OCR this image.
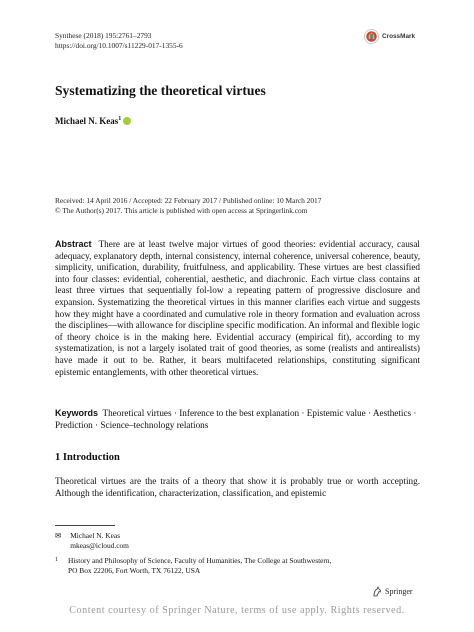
Synthese (2018) 195:2761–2793
https://doi.org/10.1007/s11229-017-1355-6
CrossMark
Systematizing the theoretical virtues
Michael N. Keas$^1$
Received: 14 April 2016 / Accepted: 22 February 2017 / Published online: 10 March 2017
© The Author(s) 2017. This article is published with open access at Springerlink.com
Abstract There are at least twelve major virtues of good theories: evidential accuracy, causal adequacy, explanatory depth, internal consistency, internal coherence, universal coherence, beauty, simplicity, unification, durability, fruitfulness, and applicability. These virtues are best classified into four classes: evidential, coherential, aesthetic, and diachronic. Each virtue class contains at least three virtues that sequentially fol-low a repeating pattern of progressive disclosure and expansion. Systematizing the theoretical virtues in this manner clarifies each virtue and suggests how they might have a coordinated and cumulative role in theory formation and evaluation across the disciplines—with allowance for discipline specific modification. An informal and flexible logic of theory choice is in the making here. Evidential accuracy (empirical fit), according to my systematization, is not a largely isolated trait of good theories, as some (realists and antirealists) have made it out to be. Rather, it bears multifaceted relationships, constituting significant epistemic entanglements, with other theoretical virtues.
Keywords Theoretical virtues · Inference to the best explanation · Epistemic value · Aesthetics · Prediction · Science–technology relations
1 Introduction
Theoretical virtues are the traits of a theory that show it is probably true or worth accepting. Although the identification, characterization, classification, and epistemic
✉ Michael N. Keas
mkeas@icloud.com
1 History and Philosophy of Science, Faculty of Humanities, The College at Southwestern,
PO Box 22206, Fort Worth, TX 76122, USA
Springer
Content courtesy of Springer Nature, terms of use apply. Rights reserved.
